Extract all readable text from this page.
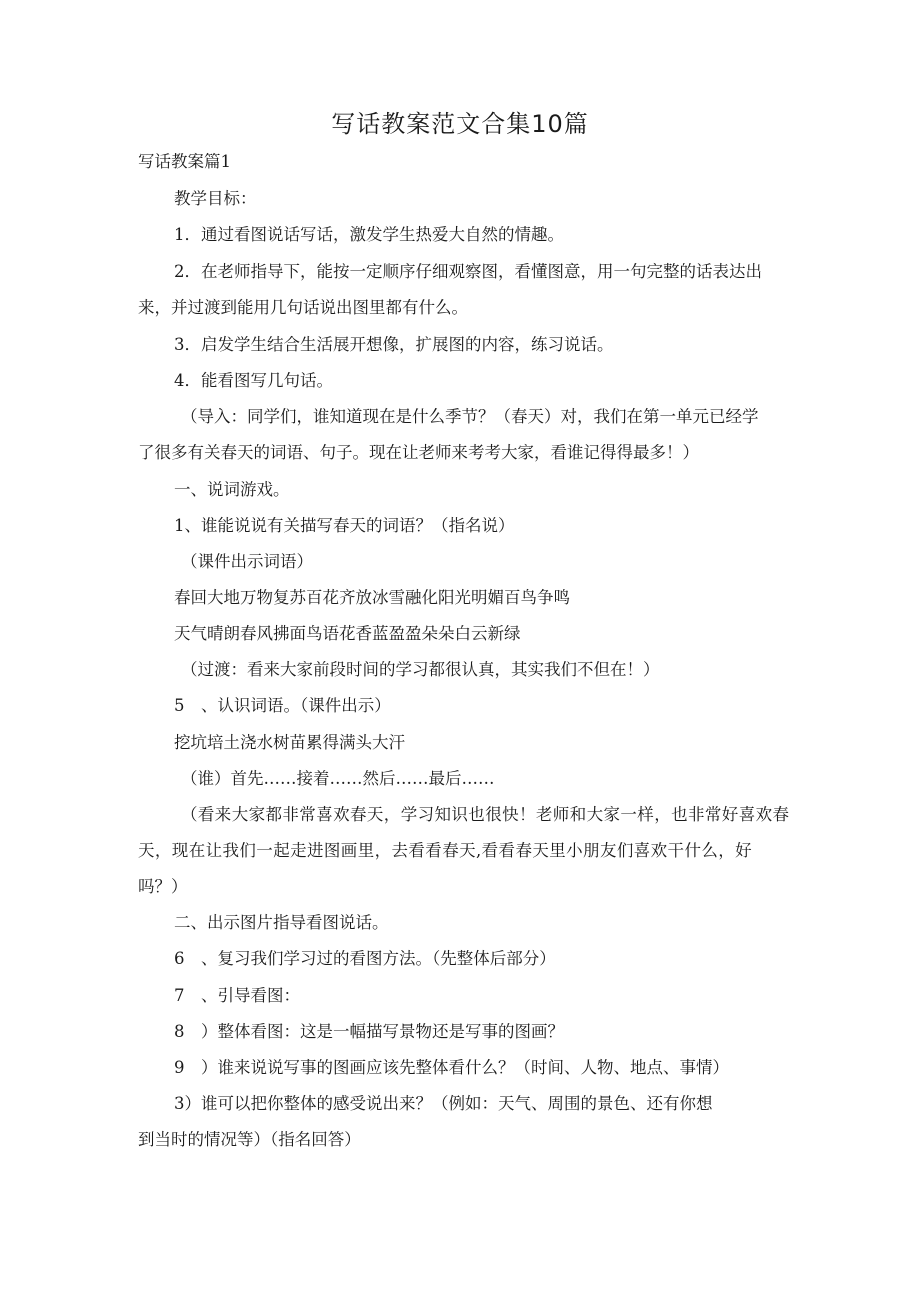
写话教案范文合集10篇

写话教案篇1

教学目标：

1．通过看图说话写话，激发学生热爱大自然的情趣。

2．在老师指导下，能按一定顺序仔细观察图，看懂图意，用一句完整的话表达出

来，并过渡到能用几句话说出图里都有什么。

3．启发学生结合生活展开想像，扩展图的内容，练习说话。

4．能看图写几句话。

（导入：同学们，谁知道现在是什么季节？（春天）对，我们在第一单元已经学

了很多有关春天的词语、句子。现在让老师来考考大家，看谁记得得最多！）

一、说词游戏。

1、谁能说说有关描写春天的词语？（指名说）

（课件出示词语）

春回大地万物复苏百花齐放冰雪融化阳光明媚百鸟争鸣

天气晴朗春风拂面鸟语花香蓝盈盈朵朵白云新绿

（过渡：看来大家前段时间的学习都很认真，其实我们不但在！）

5　、认识词语。（课件出示）

挖坑培土浇水树苗累得满头大汗

（谁）首先……接着……然后……最后……

（看来大家都非常喜欢春天，学习知识也很快！老师和大家一样，也非常好喜欢春

天，现在让我们一起走进图画里，去看看春天,看看春天里小朋友们喜欢干什么，好

吗？）

二、出示图片指导看图说话。

6　、复习我们学习过的看图方法。（先整体后部分）

7　、引导看图：

8　）整体看图：这是一幅描写景物还是写事的图画？

9　）谁来说说写事的图画应该先整体看什么？（时间、人物、地点、事情）

3）谁可以把你整体的感受说出来？（例如：天气、周围的景色、还有你想

到当时的情况等）（指名回答）
